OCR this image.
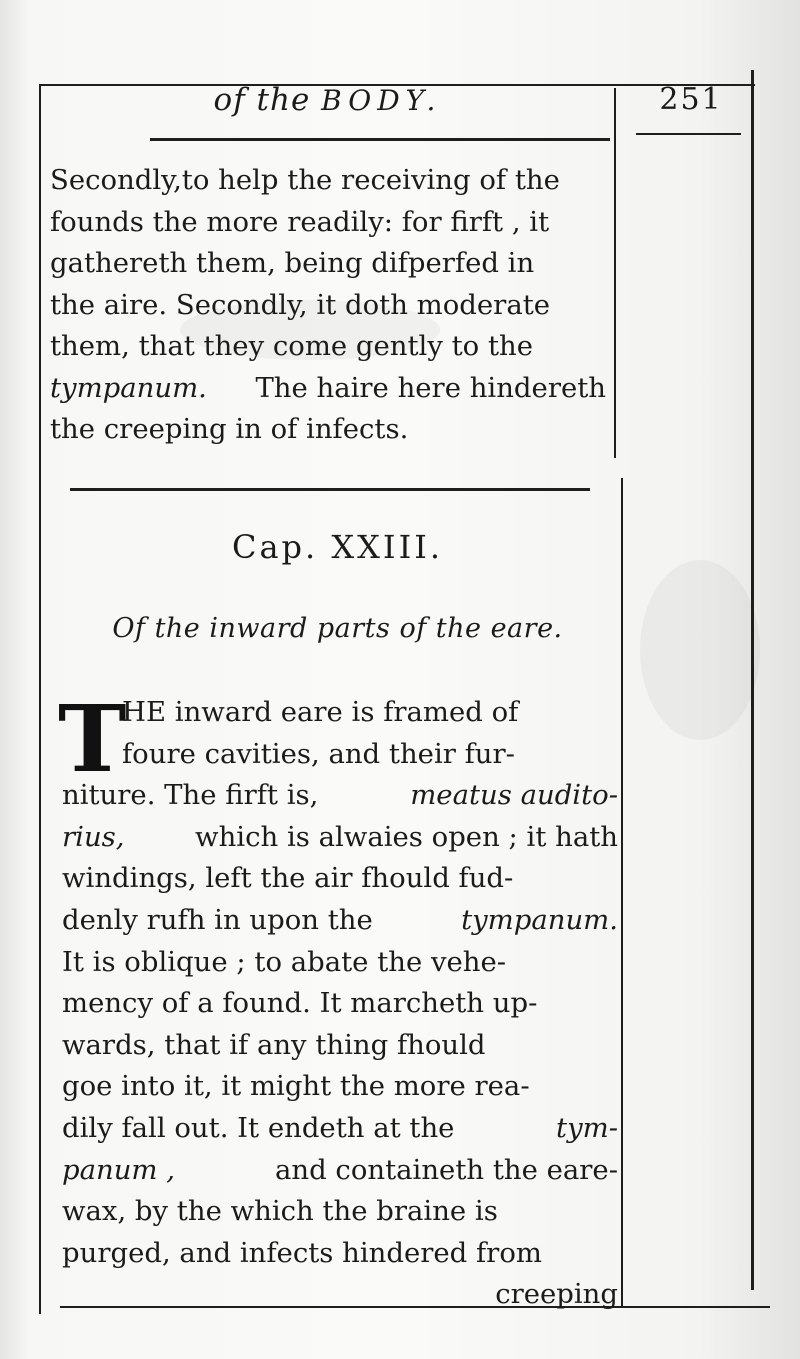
of the BODY.	251
Secondly,to help the receiving of the
founds the more readily: for firft , it
gathereth them, being difperfed in
the aire. Secondly, it doth moderate
them, that they come gently to the
tympanum.
The haire here hindereth
the creeping in of infects.
Cap. XXIII.
Of the inward parts of the eare.
T
HE inward eare is framed of
foure cavities, and their fur-
niture. The firft is,	meatus audito-
rius,	which is alwaies open ; it hath
windings, left the air fhould fud-
denly rufh in upon the	tympanum.
It is oblique ; to abate the vehe-
mency of a found. It marcheth up-
wards, that if any thing fhould
goe into it, it might the more rea-
dily fall out. It endeth at the	tym-
panum ,	and containeth the eare-
wax, by the which the braine is
purged, and infects hindered from
creeping
